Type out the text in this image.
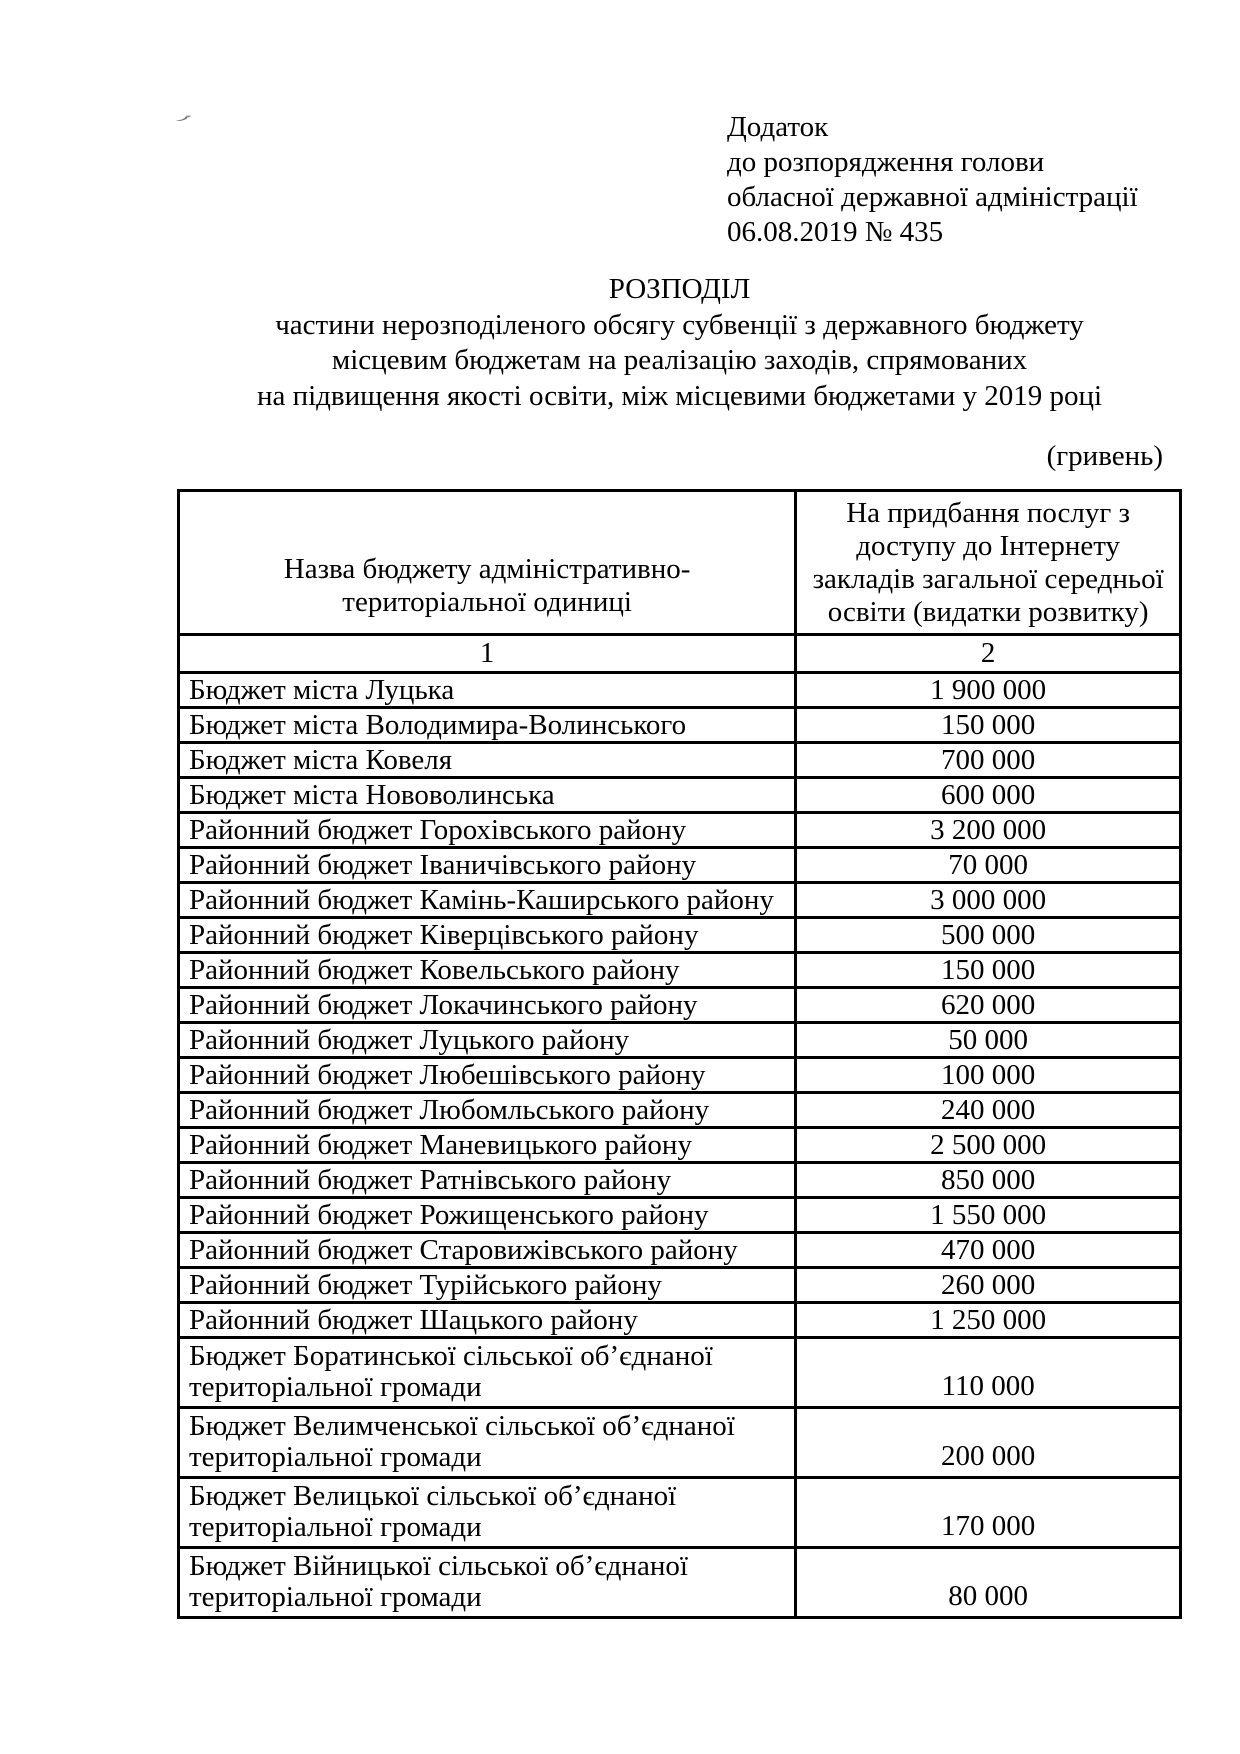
Додаток
до розпорядження голови
обласної державної адміністрації
06.08.2019 № 435
РОЗПОДІЛ
частини нерозподіленого обсягу субвенції з державного бюджету
місцевим бюджетам на реалізацію заходів, спрямованих
на підвищення якості освіти, між місцевими бюджетами у 2019 році
(гривень)
Назва бюджету адміністративно-
територіальної одиниці

На придбання послуг з
доступу до Інтернету
закладів загальної середньої
освіти (видатки розвитку)

1	2
Бюджет міста Луцька	1 900 000
Бюджет міста Володимира-Волинського	150 000
Бюджет міста Ковеля	700 000
Бюджет міста Нововолинська	600 000
Районний бюджет Горохівського району	3 200 000
Районний бюджет Іваничівського району	70 000
Районний бюджет Камінь-Каширського району	3 000 000
Районний бюджет Ківерцівського району	500 000
Районний бюджет Ковельського району	150 000
Районний бюджет Локачинського району	620 000
Районний бюджет Луцького району	50 000
Районний бюджет Любешівського району	100 000
Районний бюджет Любомльського району	240 000
Районний бюджет Маневицького району	2 500 000
Районний бюджет Ратнівського району	850 000
Районний бюджет Рожищенського району	1 550 000
Районний бюджет Старовижівського району	470 000
Районний бюджет Турійського району	260 000
Районний бюджет Шацького району	1 250 000
Бюджет Боратинської сільської об’єднаної територіальної громади	110 000
Бюджет Велимченської сільської об’єднаної територіальної громади	200 000
Бюджет Велицької сільської об’єднаної територіальної громади	170 000
Бюджет Війницької сільської об’єднаної територіальної громади	80 000
